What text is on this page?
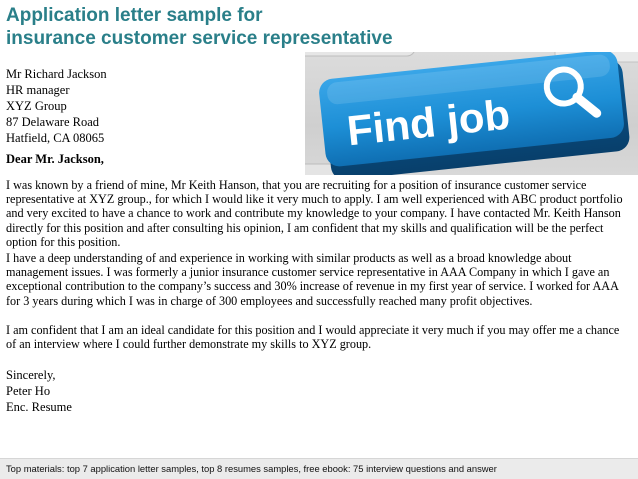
Application letter sample for
insurance customer service representative
Find job
Mr Richard Jackson
HR manager
XYZ Group
87 Delaware Road
Hatfield, CA 08065
Dear Mr. Jackson,

I was known by a friend of mine, Mr Keith Hanson, that you are recruiting for a position of insurance customer service representative at XYZ group., for which I would like it very much to apply. I am well experienced with ABC product portfolio and very excited to have a chance to work and contribute my knowledge to your company. I have contacted Mr. Keith Hanson directly for this position and after consulting his opinion, I am confident that my skills and qualification will be the perfect option for this position.

I have a deep understanding of and experience in working with similar products as well as a broad knowledge about management issues. I was formerly a junior insurance customer service representative in AAA Company in which I gave an exceptional contribution to the company’s success and 30% increase of revenue in my first year of service. I worked for AAA for 3 years during which I was in charge of 300 employees and successfully reached many profit objectives.

I am confident that I am an ideal candidate for this position and I would appreciate it very much if you may offer me a chance of an interview where I could further demonstrate my skills to XYZ group.

Sincerely,
Peter Ho
Enc. Resume
Top materials: top 7 application letter samples, top 8 resumes samples, free ebook: 75 interview questions and answer
